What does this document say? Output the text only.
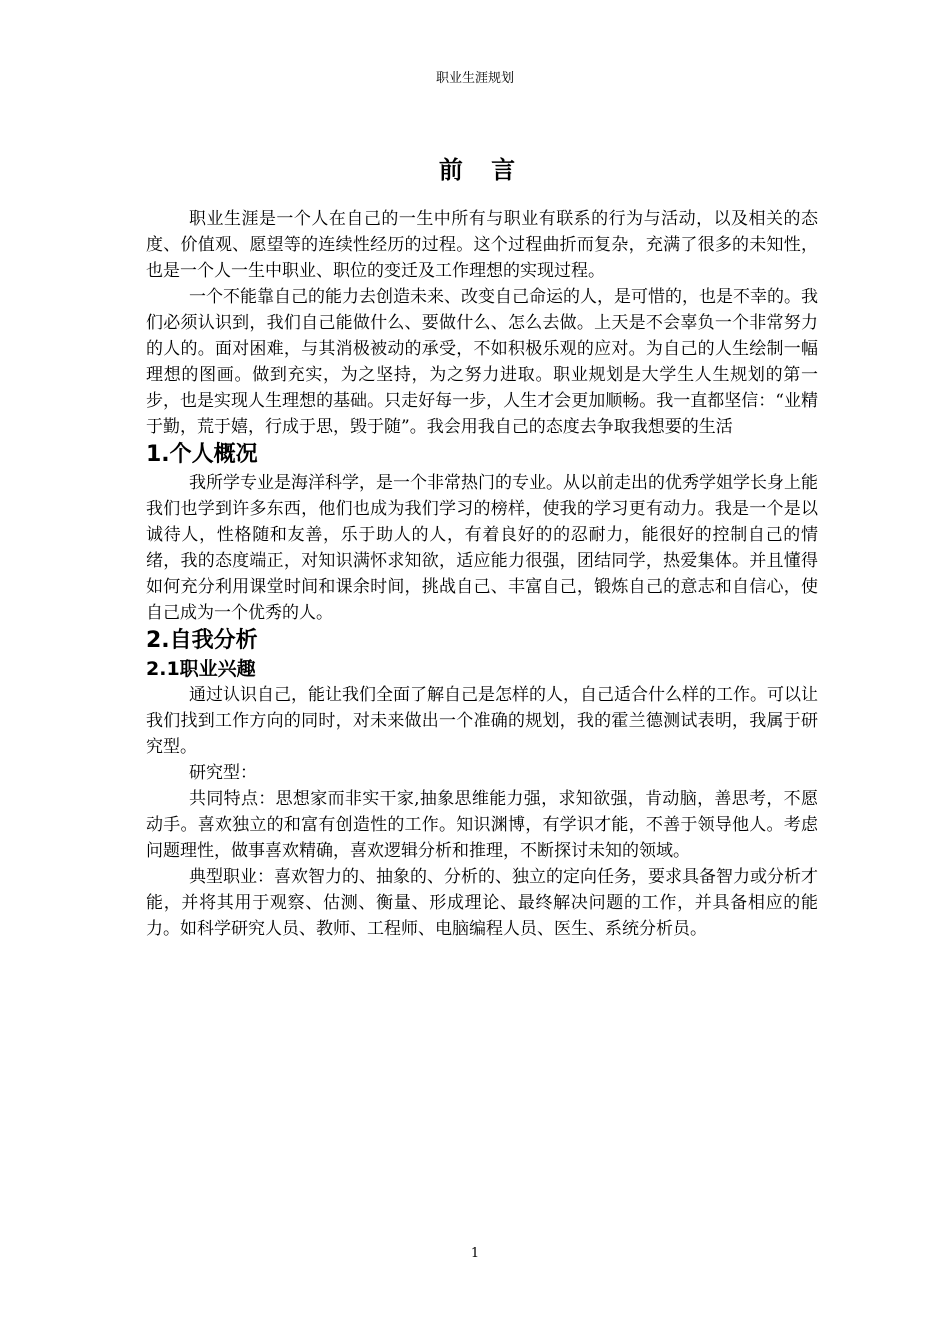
职业生涯规划
前 言

职业生涯是一个人在自己的一生中所有与职业有联系的行为与活动，以及相关的态度、价值观、愿望等的连续性经历的过程。这个过程曲折而复杂，充满了很多的未知性，也是一个人一生中职业、职位的变迁及工作理想的实现过程。

一个不能靠自己的能力去创造未来、改变自己命运的人，是可惜的，也是不幸的。我们必须认识到，我们自己能做什么、要做什么、怎么去做。上天是不会辜负一个非常努力的人的。面对困难，与其消极被动的承受，不如积极乐观的应对。为自己的人生绘制一幅理想的图画。做到充实，为之坚持，为之努力进取。职业规划是大学生人生规划的第一步，也是实现人生理想的基础。只走好每一步，人生才会更加顺畅。我一直都坚信：“业精于勤，荒于嬉，行成于思，毁于随”。我会用我自己的态度去争取我想要的生活

1.个人概况

我所学专业是海洋科学，是一个非常热门的专业。从以前走出的优秀学姐学长身上能我们也学到许多东西，他们也成为我们学习的榜样，使我的学习更有动力。我是一个是以诚待人，性格随和友善，乐于助人的人，有着良好的的忍耐力，能很好的控制自己的情绪，我的态度端正，对知识满怀求知欲，适应能力很强，团结同学，热爱集体。并且懂得如何充分利用课堂时间和课余时间，挑战自己、丰富自己，锻炼自己的意志和自信心，使自己成为一个优秀的人。

2.自我分析
2.1职业兴趣

通过认识自己，能让我们全面了解自己是怎样的人，自己适合什么样的工作。可以让我们找到工作方向的同时，对未来做出一个准确的规划，我的霍兰德测试表明，我属于研究型。

研究型：

共同特点：思想家而非实干家,抽象思维能力强，求知欲强，肯动脑，善思考，不愿动手。喜欢独立的和富有创造性的工作。知识渊博，有学识才能，不善于领导他人。考虑问题理性，做事喜欢精确，喜欢逻辑分析和推理，不断探讨未知的领域。

典型职业：喜欢智力的、抽象的、分析的、独立的定向任务，要求具备智力或分析才能，并将其用于观察、估测、衡量、形成理论、最终解决问题的工作，并具备相应的能力。如科学研究人员、教师、工程师、电脑编程人员、医生、系统分析员。

1
